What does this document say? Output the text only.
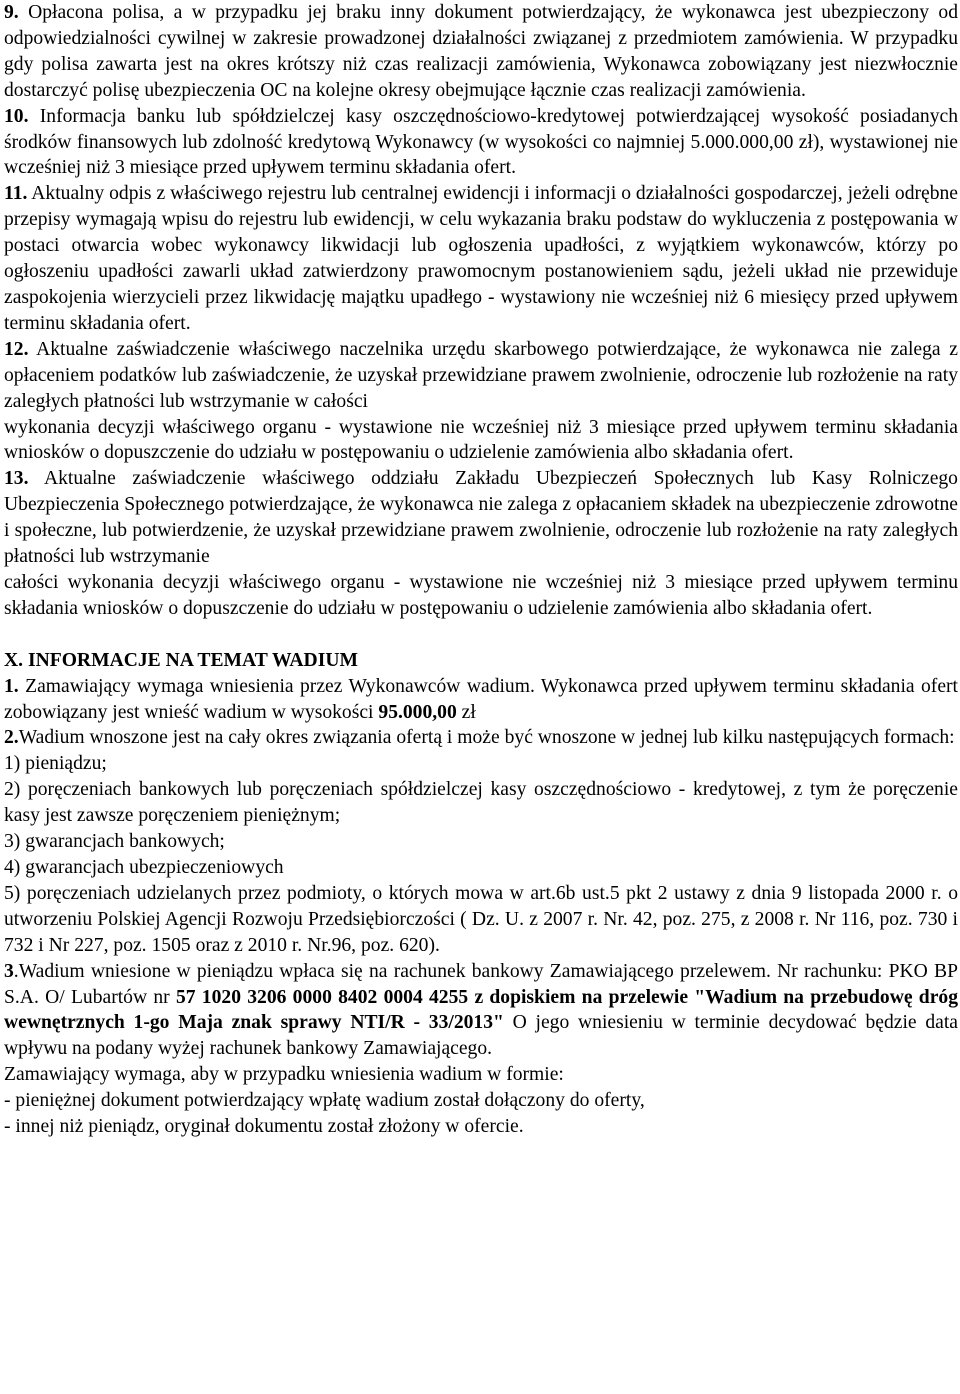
9. Opłacona polisa, a w przypadku jej braku inny dokument potwierdzający, że wykonawca jest ubezpieczony od odpowiedzialności cywilnej w zakresie prowadzonej działalności związanej z przedmiotem zamówienia. W przypadku gdy polisa zawarta jest na okres krótszy niż czas realizacji zamówienia, Wykonawca zobowiązany jest niezwłocznie dostarczyć polisę ubezpieczenia OC na kolejne okresy obejmujące łącznie czas realizacji zamówienia.

10. Informacja banku lub spółdzielczej kasy oszczędnościowo-kredytowej potwierdzającej wysokość posiadanych środków finansowych lub zdolność kredytową Wykonawcy (w wysokości co najmniej 5.000.000,00 zł), wystawionej nie wcześniej niż 3 miesiące przed upływem terminu składania ofert.

11. Aktualny odpis z właściwego rejestru lub centralnej ewidencji i informacji o działalności gospodarczej, jeżeli odrębne przepisy wymagają wpisu do rejestru lub ewidencji, w celu wykazania braku podstaw do wykluczenia z postępowania w postaci otwarcia wobec wykonawcy likwidacji lub ogłoszenia upadłości, z wyjątkiem wykonawców, którzy po ogłoszeniu upadłości zawarli układ zatwierdzony prawomocnym postanowieniem sądu, jeżeli układ nie przewiduje zaspokojenia wierzycieli przez likwidację majątku upadłego - wystawiony nie wcześniej niż 6 miesięcy przed upływem terminu składania ofert.

12. Aktualne zaświadczenie właściwego naczelnika urzędu skarbowego potwierdzające, że wykonawca nie zalega z opłaceniem podatków lub zaświadczenie, że uzyskał przewidziane prawem zwolnienie, odroczenie lub rozłożenie na raty zaległych płatności lub wstrzymanie w całości

wykonania decyzji właściwego organu - wystawione nie wcześniej niż 3 miesiące przed upływem terminu składania wniosków o dopuszczenie do udziału w postępowaniu o udzielenie zamówienia albo składania ofert.

13. Aktualne zaświadczenie właściwego oddziału Zakładu Ubezpieczeń Społecznych lub Kasy Rolniczego Ubezpieczenia Społecznego potwierdzające, że wykonawca nie zalega z opłacaniem składek na ubezpieczenie zdrowotne i społeczne, lub potwierdzenie, że uzyskał przewidziane prawem zwolnienie, odroczenie lub rozłożenie na raty zaległych płatności lub wstrzymanie

całości wykonania decyzji właściwego organu - wystawione nie wcześniej niż 3 miesiące przed upływem terminu składania wniosków o dopuszczenie do udziału w postępowaniu o udzielenie zamówienia albo składania ofert.

X. INFORMACJE NA TEMAT WADIUM

1. Zamawiający wymaga wniesienia przez Wykonawców wadium. Wykonawca przed upływem terminu składania ofert zobowiązany jest wnieść wadium w wysokości 95.000,00 zł

2.Wadium wnoszone jest na cały okres związania ofertą i może być wnoszone w jednej lub kilku następujących formach:

1) pieniądzu;

2) poręczeniach bankowych lub poręczeniach spółdzielczej kasy oszczędnościowo - kredytowej, z tym że poręczenie kasy jest zawsze poręczeniem pieniężnym;

3) gwarancjach bankowych;

4) gwarancjach ubezpieczeniowych

5) poręczeniach udzielanych przez podmioty, o których mowa w art.6b ust.5 pkt 2 ustawy z dnia 9 listopada 2000 r. o utworzeniu Polskiej Agencji Rozwoju Przedsiębiorczości ( Dz. U. z 2007 r. Nr. 42, poz. 275, z 2008 r. Nr 116, poz. 730 i 732 i Nr 227, poz. 1505 oraz z 2010 r. Nr.96, poz. 620).

3.Wadium wniesione w pieniądzu wpłaca się na rachunek bankowy Zamawiającego przelewem. Nr rachunku: PKO BP S.A. O/ Lubartów nr 57 1020 3206 0000 8402 0004 4255 z dopiskiem na przelewie "Wadium na przebudowę dróg wewnętrznych 1-go Maja znak sprawy NTI/R - 33/2013" O jego wniesieniu w terminie decydować będzie data wpływu na podany wyżej rachunek bankowy Zamawiającego.

Zamawiający wymaga, aby w przypadku wniesienia wadium w formie:

- pieniężnej dokument potwierdzający wpłatę wadium został dołączony do oferty,

- innej niż pieniądz, oryginał dokumentu został złożony w ofercie.
